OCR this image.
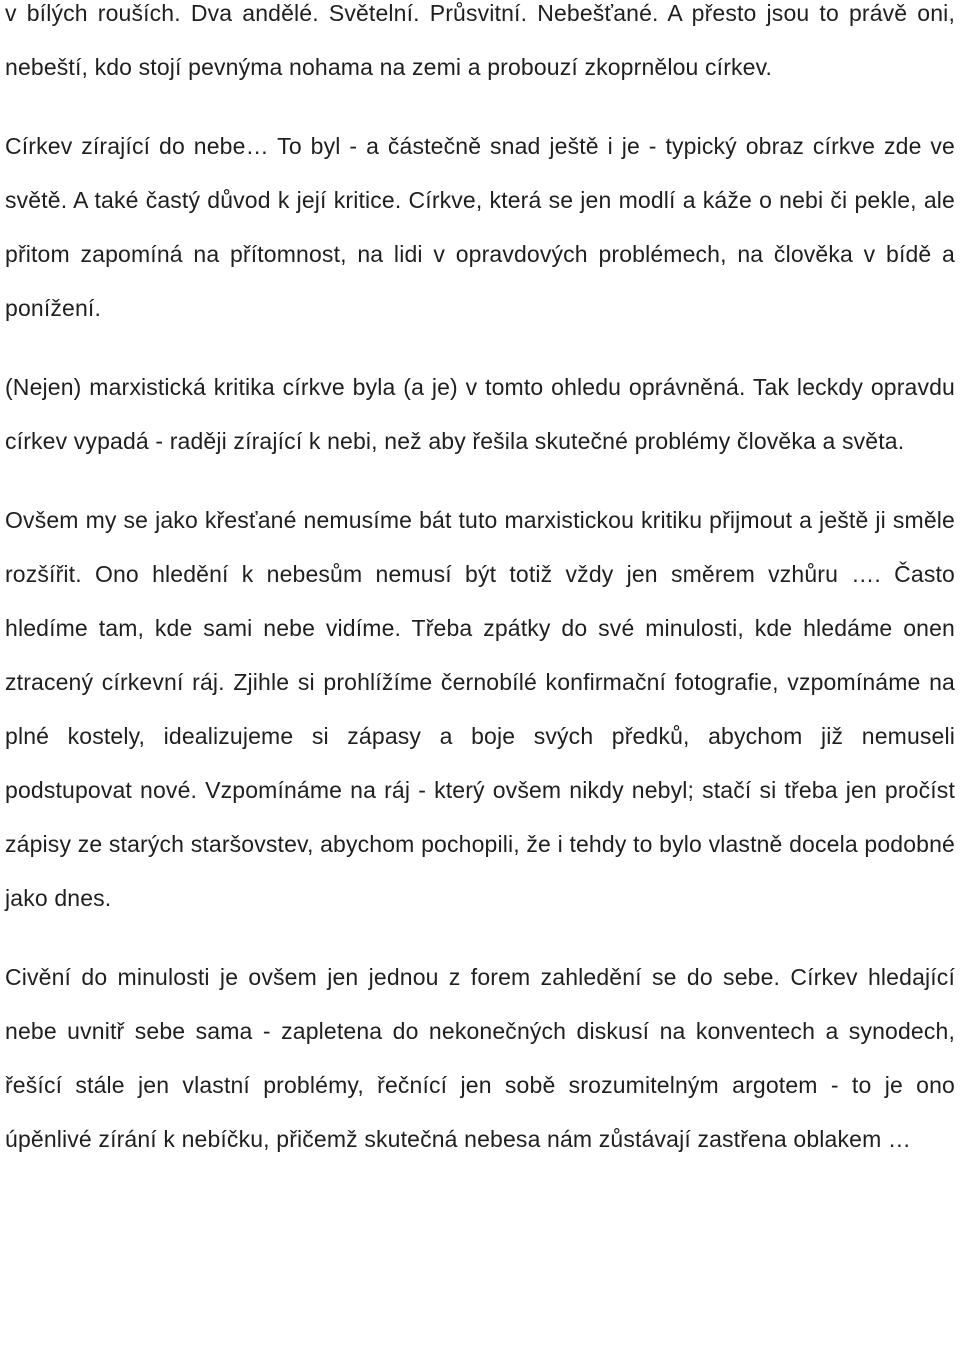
v bílých rouších. Dva andělé. Světelní. Průsvitní. Nebešťané. A přesto jsou to právě oni, nebeští, kdo stojí pevnýma nohama na zemi a probouzí zkoprnělou církev.

Církev zírající do nebe… To byl - a částečně snad ještě i je - typický obraz církve zde ve světě. A také častý důvod k její kritice. Církve, která se jen modlí a káže o nebi či pekle, ale přitom zapomíná na přítomnost, na lidi v opravdových problémech, na člověka v bídě a ponížení.

(Nejen) marxistická kritika církve byla (a je) v tomto ohledu oprávněná. Tak leckdy opravdu církev vypadá - raději zírající k nebi, než aby řešila skutečné problémy člověka a světa.

Ovšem my se jako křesťané nemusíme bát tuto marxistickou kritiku přijmout a ještě ji směle rozšířit. Ono hledění k nebesům nemusí být totiž vždy jen směrem vzhůru …. Často hledíme tam, kde sami nebe vidíme. Třeba zpátky do své minulosti, kde hledáme onen ztracený církevní ráj. Zjihle si prohlížíme černobílé konfirmační fotografie, vzpomínáme na plné kostely, idealizujeme si zápasy a boje svých předků, abychom již nemuseli podstupovat nové. Vzpomínáme na ráj - který ovšem nikdy nebyl; stačí si třeba jen pročíst zápisy ze starých staršovstev, abychom pochopili, že i tehdy to bylo vlastně docela podobné jako dnes.

Civění do minulosti je ovšem jen jednou z forem zahledění se do sebe. Církev hledající nebe uvnitř sebe sama - zapletena do nekonečných diskusí na konventech a synodech, řešící stále jen vlastní problémy, řečnící jen sobě srozumitelným argotem - to je ono úpěnlivé zírání k nebíčku, přičemž skutečná nebesa nám zůstávají zastřena oblakem …
